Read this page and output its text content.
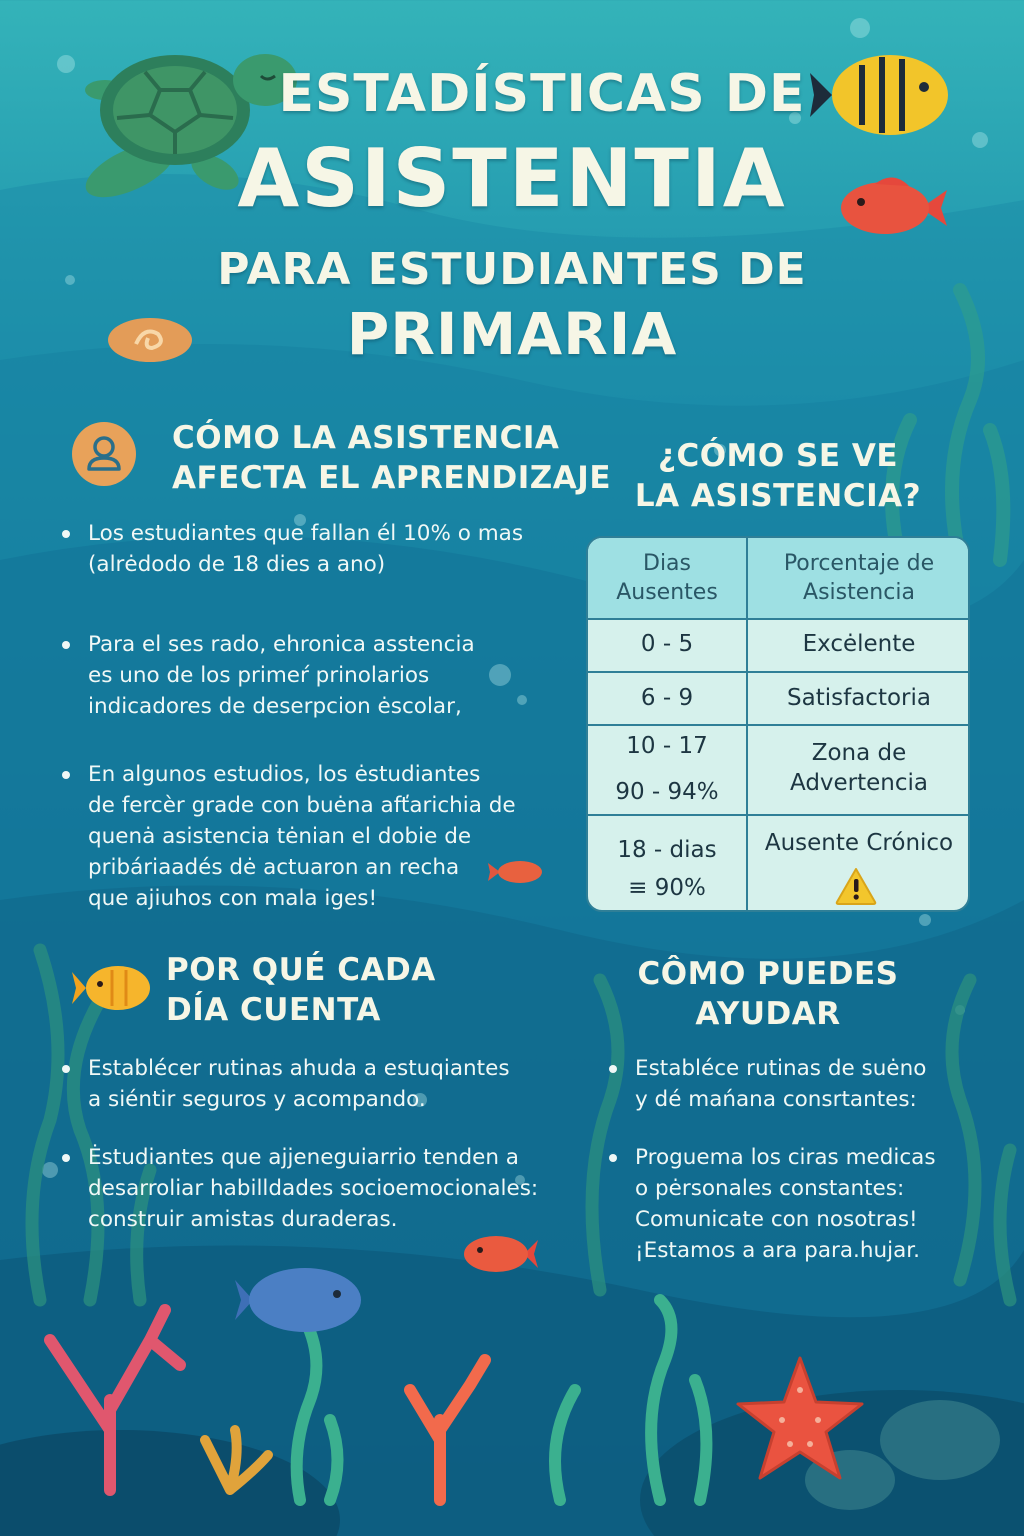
ESTADÍSTICAS DE
ASISTENTIA
PARA ESTUDIANTES DE
PRIMARIA
CÓMO LA ASISTENCIA
AFECTA EL APRENDIZAJE
Los estudiantes que fallan él 10% o mas
(alrėdodo de 18 dies a ano)
Para el ses rado, ehronica asstencia
es uno de los primeŕ prinolarios
indicadores de deserpcion ėscolar,
En algunos estudios, los ėstudiantes
de fercèr grade con buėna afťarichia de
quenȧ asistencia tėnian el dobie de
pribáriaadés dė actuaron an recha
que ajiuhos con mala iges!
¿CÓMO SE VE
LA ASISTENCIA?
Dias
Ausentes
Porcentaje de
Asistencia
0 - 5	Excėlente
6 - 9	Satisfactoria
10 - 17

90 - 94%
Zona de
Advertencia
18 - dias
≡ 90%
Ausente Crónico
POR QUÉ CADA
DÍA CUENTA
Establécer rutinas ahuda a estuqiantes
a siéntir seguros y acompando.
Ėstudiantes que ajjeneguiarrio tenden a
desarroliar habilldades socioemocionales:
construir amistas duraderas.
CÔMO PUEDES
AYUDAR
Establéce rutinas de suėno
y dé mańana consrtantes:
Proguema los ciras medicas
o pėrsonales constantes:
Comunicate con nosotras!
¡Estamos a ara para.hujar.
